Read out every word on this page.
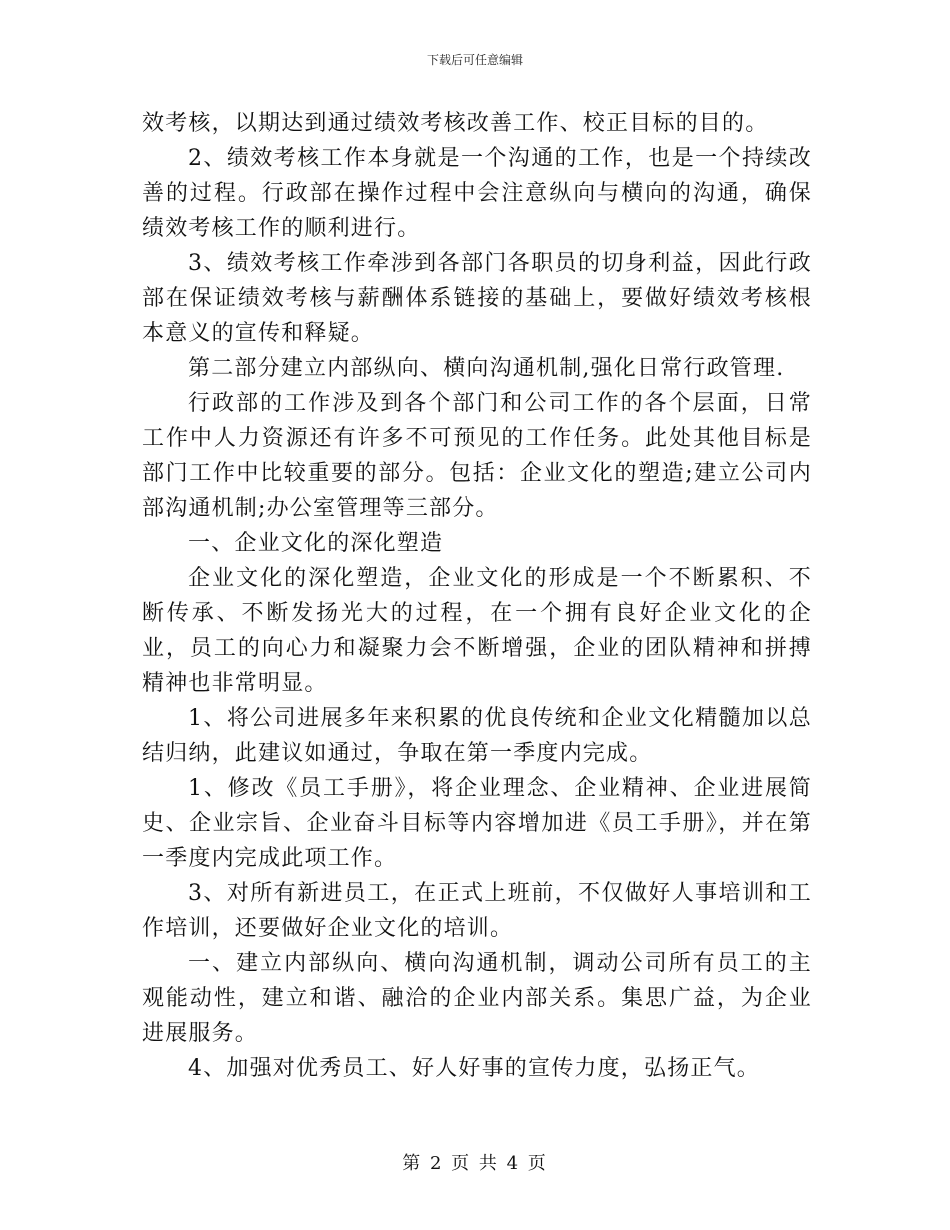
下载后可任意编辑

效考核，以期达到通过绩效考核改善工作、校正目标的目的。

2、绩效考核工作本身就是一个沟通的工作，也是一个持续改善的过程。行政部在操作过程中会注意纵向与横向的沟通，确保绩效考核工作的顺利进行。

3、绩效考核工作牵涉到各部门各职员的切身利益，因此行政部在保证绩效考核与薪酬体系链接的基础上，要做好绩效考核根本意义的宣传和释疑。

第二部分建立内部纵向、横向沟通机制,强化日常行政管理.

行政部的工作涉及到各个部门和公司工作的各个层面，日常工作中人力资源还有许多不可预见的工作任务。此处其他目标是部门工作中比较重要的部分。包括：企业文化的塑造;建立公司内部沟通机制;办公室管理等三部分。

一、企业文化的深化塑造

企业文化的深化塑造，企业文化的形成是一个不断累积、不断传承、不断发扬光大的过程，在一个拥有良好企业文化的企业，员工的向心力和凝聚力会不断增强，企业的团队精神和拼搏精神也非常明显。

1、将公司进展多年来积累的优良传统和企业文化精髓加以总结归纳，此建议如通过，争取在第一季度内完成。

1、修改《员工手册》，将企业理念、企业精神、企业进展简史、企业宗旨、企业奋斗目标等内容增加进《员工手册》，并在第一季度内完成此项工作。

3、对所有新进员工，在正式上班前，不仅做好人事培训和工作培训，还要做好企业文化的培训。

一、建立内部纵向、横向沟通机制，调动公司所有员工的主观能动性，建立和谐、融洽的企业内部关系。集思广益，为企业进展服务。

4、加强对优秀员工、好人好事的宣传力度，弘扬正气。

第 2 页 共 4 页
